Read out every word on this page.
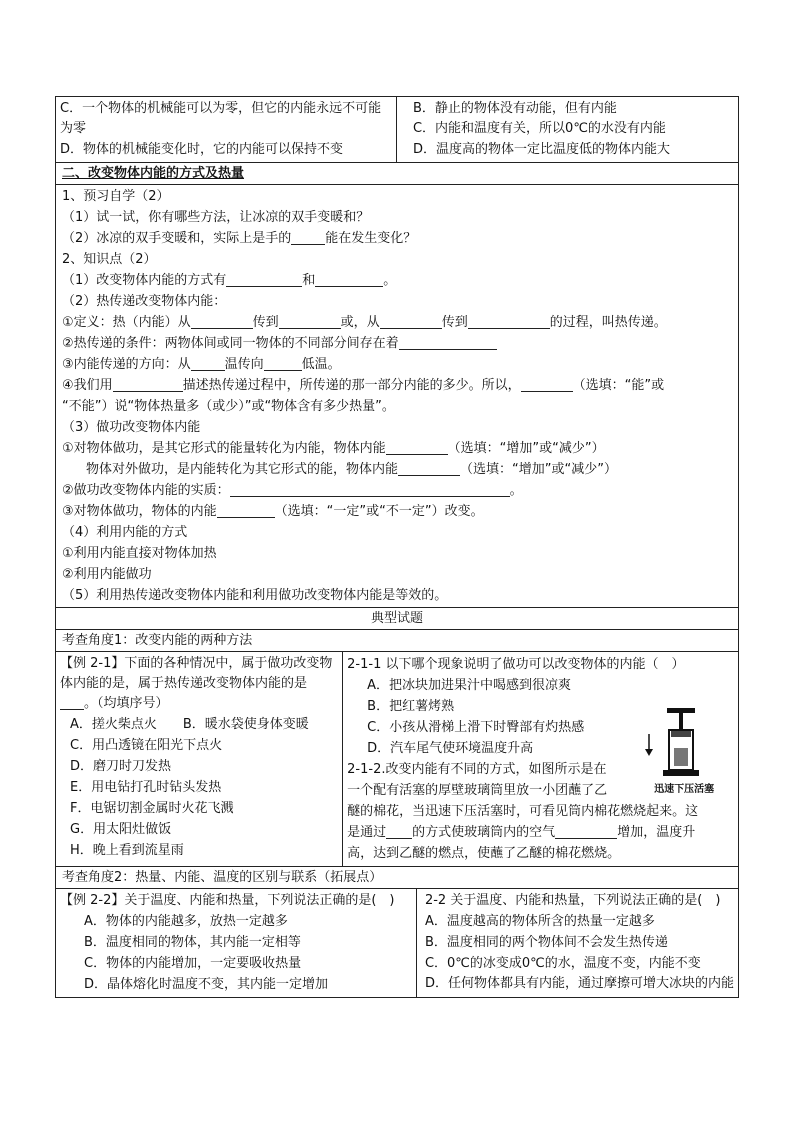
C．一个物体的机械能可以为零，但它的内能永远不可能为零
D．物体的机械能变化时，它的内能可以保持不变
B．静止的物体没有动能，但有内能
C．内能和温度有关，所以0℃的水没有内能
D．温度高的物体一定比温度低的物体内能大
二、改变物体内能的方式及热量
1、预习自学（2）
（1）试一试，你有哪些方法，让冰凉的双手变暖和？
（2）冰凉的双手变暖和，实际上是手的	能在发生变化？
2、知识点（2）
（1）改变物体内能的方式有	和	。
（2）热传递改变物体内能：
①定义：热（内能）从	传到	或，从	传到	的过程，叫热传递。
②热传递的条件：两物体间或同一物体的不同部分间存在着
③内能传递的方向：从	温传向	低温。
④我们用	描述热传递过程中，所传递的那一部分内能的多少。所以，	（选填：“能”或
“不能”）说“物体热量多（或少）”或“物体含有多少热量”。
（3）做功改变物体内能
①对物体做功，是其它形式的能量转化为内能，物体内能	（选填：“增加”或“减少”）
物体对外做功，是内能转化为其它形式的能，物体内能	（选填：“增加”或“减少”）
②做功改变物体内能的实质：	。
③对物体做功，物体的内能	（选填：“一定”或“不一定”）改变。
（4）利用内能的方式
①利用内能直接对物体加热
②利用内能做功
（5）利用热传递改变物体内能和利用做功改变物体内能是等效的。
典型试题
考查角度1：改变内能的两种方法
【例 2-1】下面的各种情况中，属于做功改变物体内能的是，属于热传递改变物体内能的是
。（均填序号）
A．搓火柴点火　　B．暖水袋使身体变暖
C．用凸透镜在阳光下点火
D．磨刀时刀发热
E．用电钻打孔时钻头发热
F．电锯切割金属时火花飞溅
G．用太阳灶做饭
H．晚上看到流星雨
2-1-1 以下哪个现象说明了做功可以改变物体的内能（　）
A．把冰块加进果汁中喝感到很凉爽
B．把红薯烤熟
C．小孩从滑梯上滑下时臀部有灼热感
D．汽车尾气使环境温度升高
2-1-2.改变内能有不同的方式，如图所示是在
一个配有活塞的厚壁玻璃筒里放一小团蘸了乙
醚的棉花，当迅速下压活塞时，可看见筒内棉花燃烧起来。这
是通过 的方式使玻璃筒内的空气	增加，温度升
高，达到乙醚的燃点，使蘸了乙醚的棉花燃烧。
迅速下压活塞
考查角度2：热量、内能、温度的区别与联系（拓展点）
【例 2-2】关于温度、内能和热量，下列说法正确的是(　)
A．物体的内能越多，放热一定越多
B．温度相同的物体，其内能一定相等
C．物体的内能增加，一定要吸收热量
D．晶体熔化时温度不变，其内能一定增加
2-2 关于温度、内能和热量，下列说法正确的是(　)
A．温度越高的物体所含的热量一定越多
B．温度相同的两个物体间不会发生热传递
C．0℃的冰变成0℃的水，温度不变，内能不变
D．任何物体都具有内能，通过摩擦可增大冰块的内能
